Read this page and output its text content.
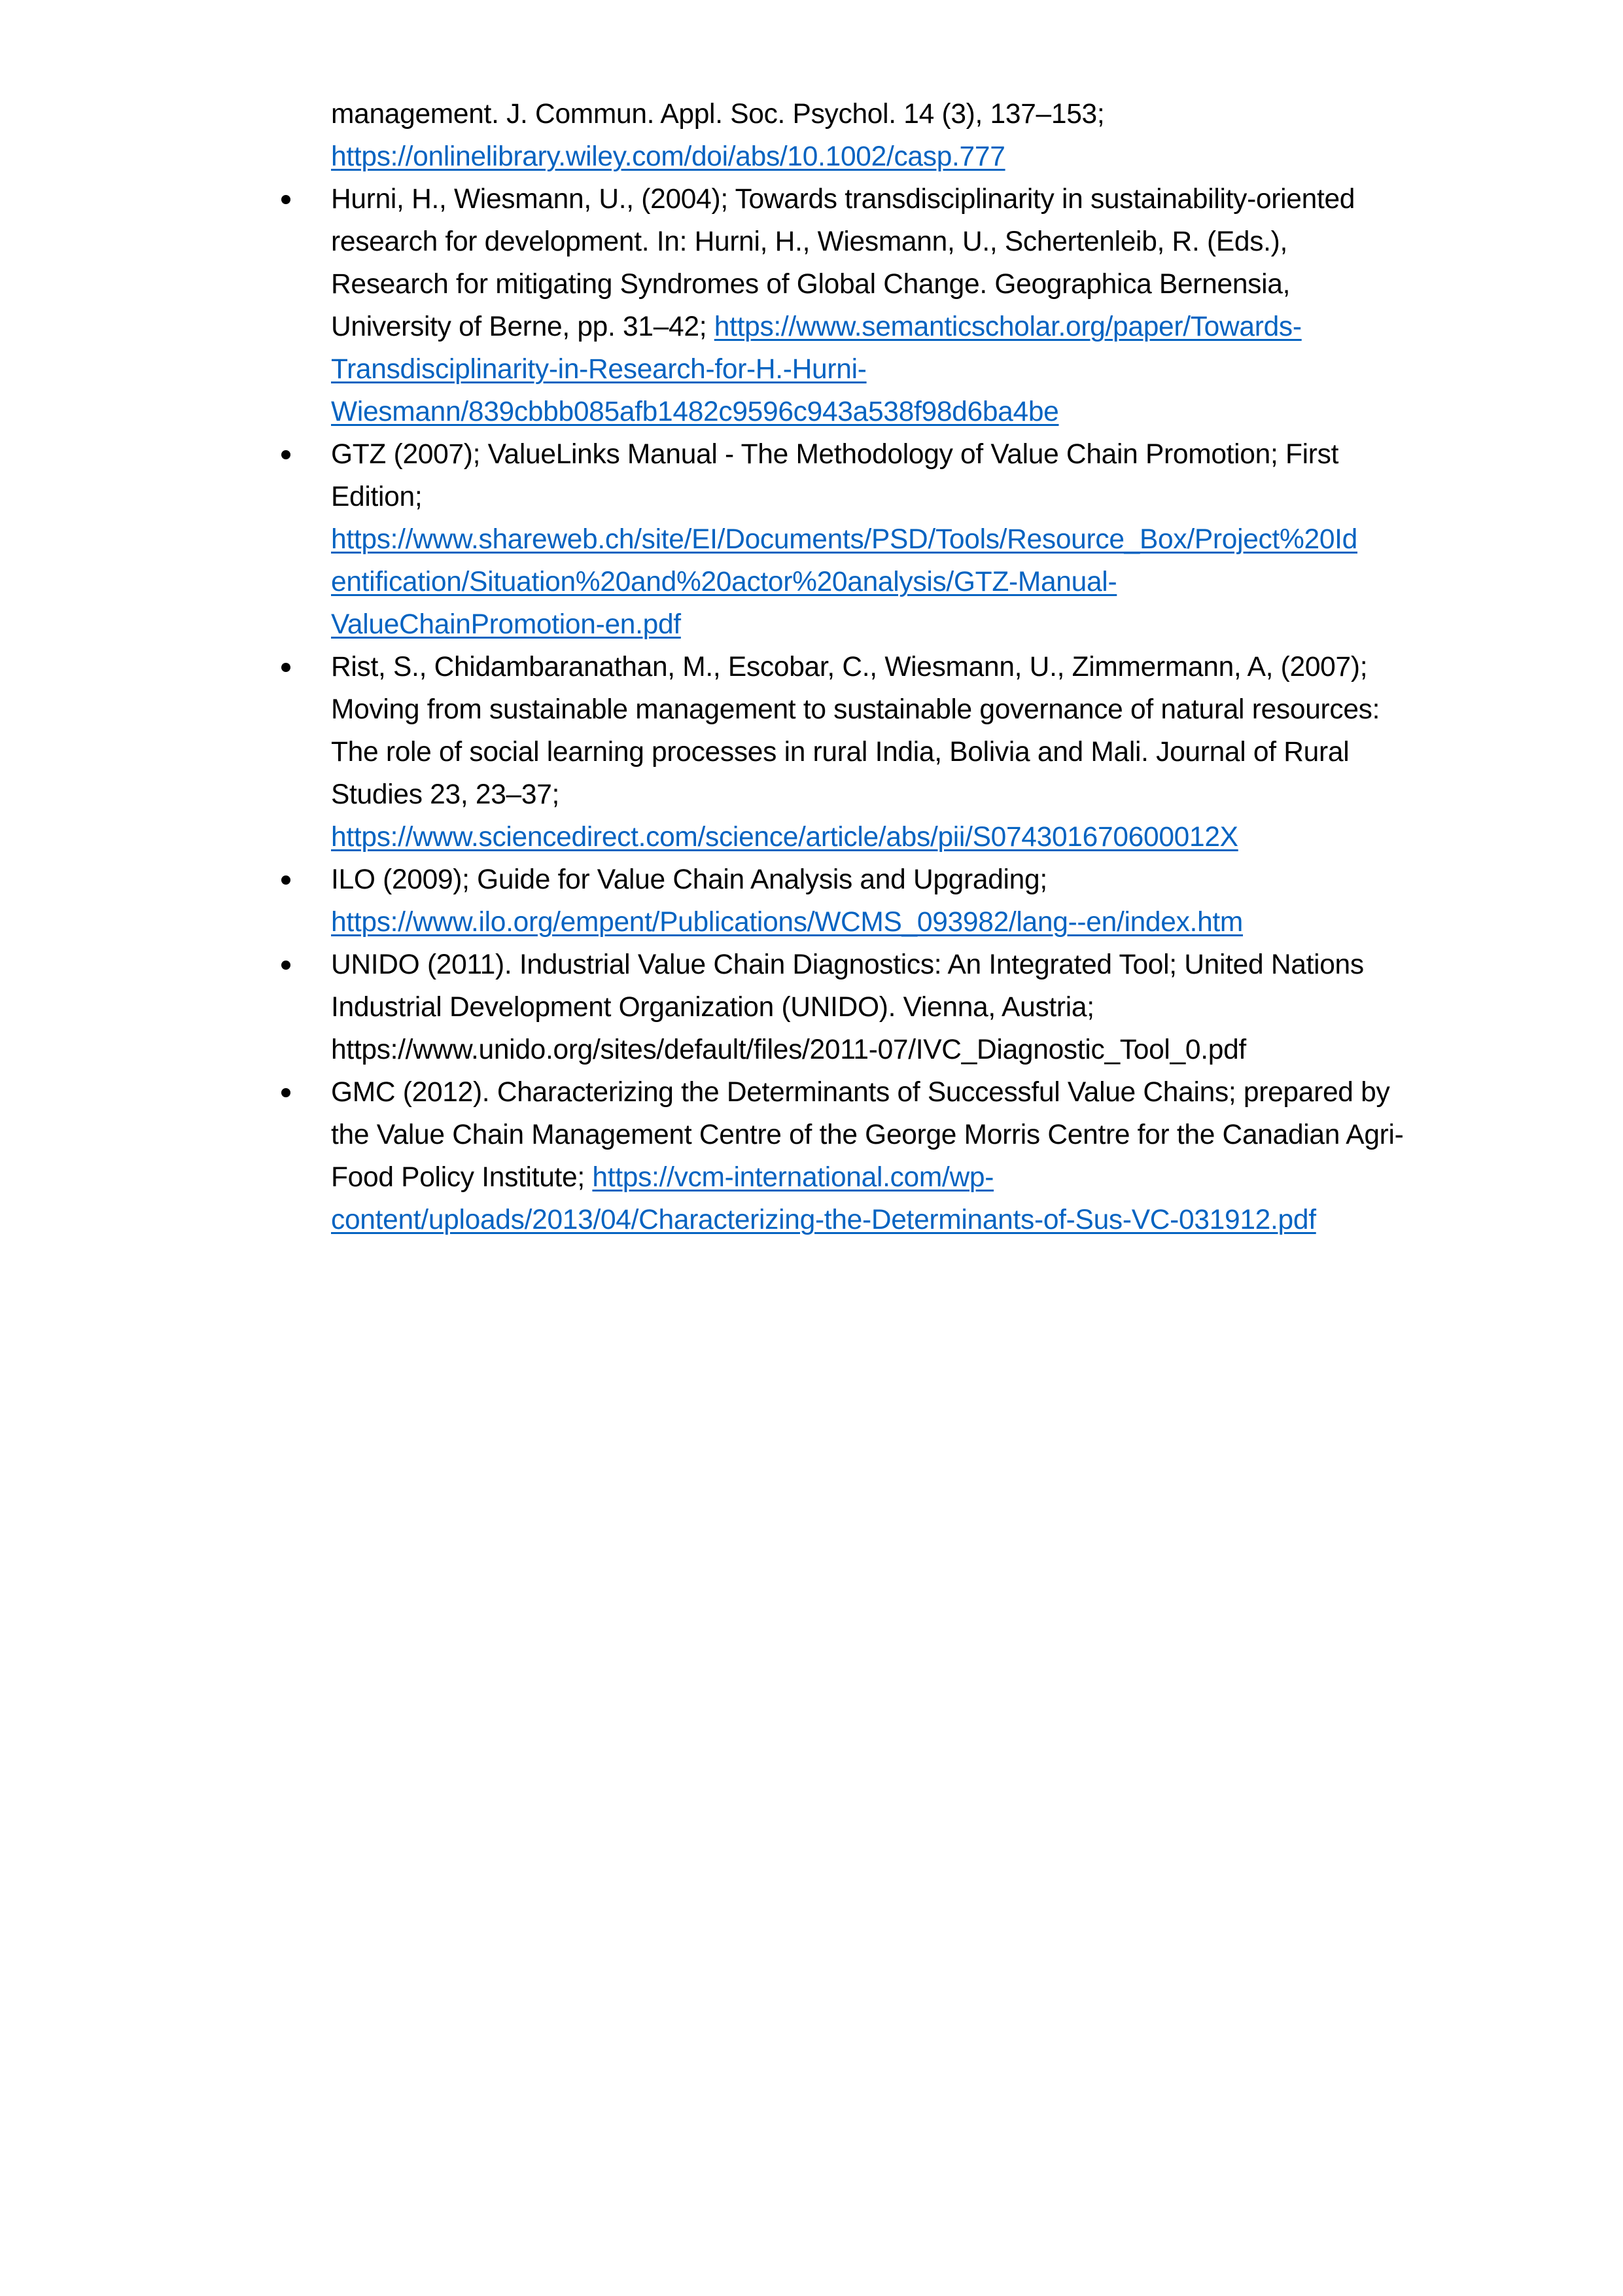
management. J. Commun. Appl. Soc. Psychol. 14 (3), 137–153;
https://onlinelibrary.wiley.com/doi/abs/10.1002/casp.777

Hurni, H., Wiesmann, U., (2004); Towards transdisciplinarity in sustainability-oriented research for development. In: Hurni, H., Wiesmann, U., Schertenleib, R. (Eds.), Research for mitigating Syndromes of Global Change. Geographica Bernensia, University of Berne, pp. 31–42; https://www.semanticscholar.org/paper/Towards-
Transdisciplinarity-in-Research-for-H.-Hurni-
Wiesmann/839cbbb085afb1482c9596c943a538f98d6ba4be

GTZ (2007); ValueLinks Manual - The Methodology of Value Chain Promotion; First Edition;
https://www.shareweb.ch/site/EI/Documents/PSD/Tools/Resource_Box/Project%20Id
entification/Situation%20and%20actor%20analysis/GTZ-Manual-
ValueChainPromotion-en.pdf

Rist, S., Chidambaranathan, M., Escobar, C., Wiesmann, U., Zimmermann, A, (2007); Moving from sustainable management to sustainable governance of natural resources: The role of social learning processes in rural India, Bolivia and Mali. Journal of Rural Studies 23, 23–37;
https://www.sciencedirect.com/science/article/abs/pii/S074301670600012X

ILO (2009); Guide for Value Chain Analysis and Upgrading;
https://www.ilo.org/empent/Publications/WCMS_093982/lang--en/index.htm

UNIDO (2011). Industrial Value Chain Diagnostics: An Integrated Tool; United Nations Industrial Development Organization (UNIDO). Vienna, Austria;
https://www.unido.org/sites/default/files/2011-07/IVC_Diagnostic_Tool_0.pdf

GMC (2012). Characterizing the Determinants of Successful Value Chains; prepared by the Value Chain Management Centre of the George Morris Centre for the Canadian Agri-Food Policy Institute; https://vcm-international.com/wp-
content/uploads/2013/04/Characterizing-the-Determinants-of-Sus-VC-031912.pdf
